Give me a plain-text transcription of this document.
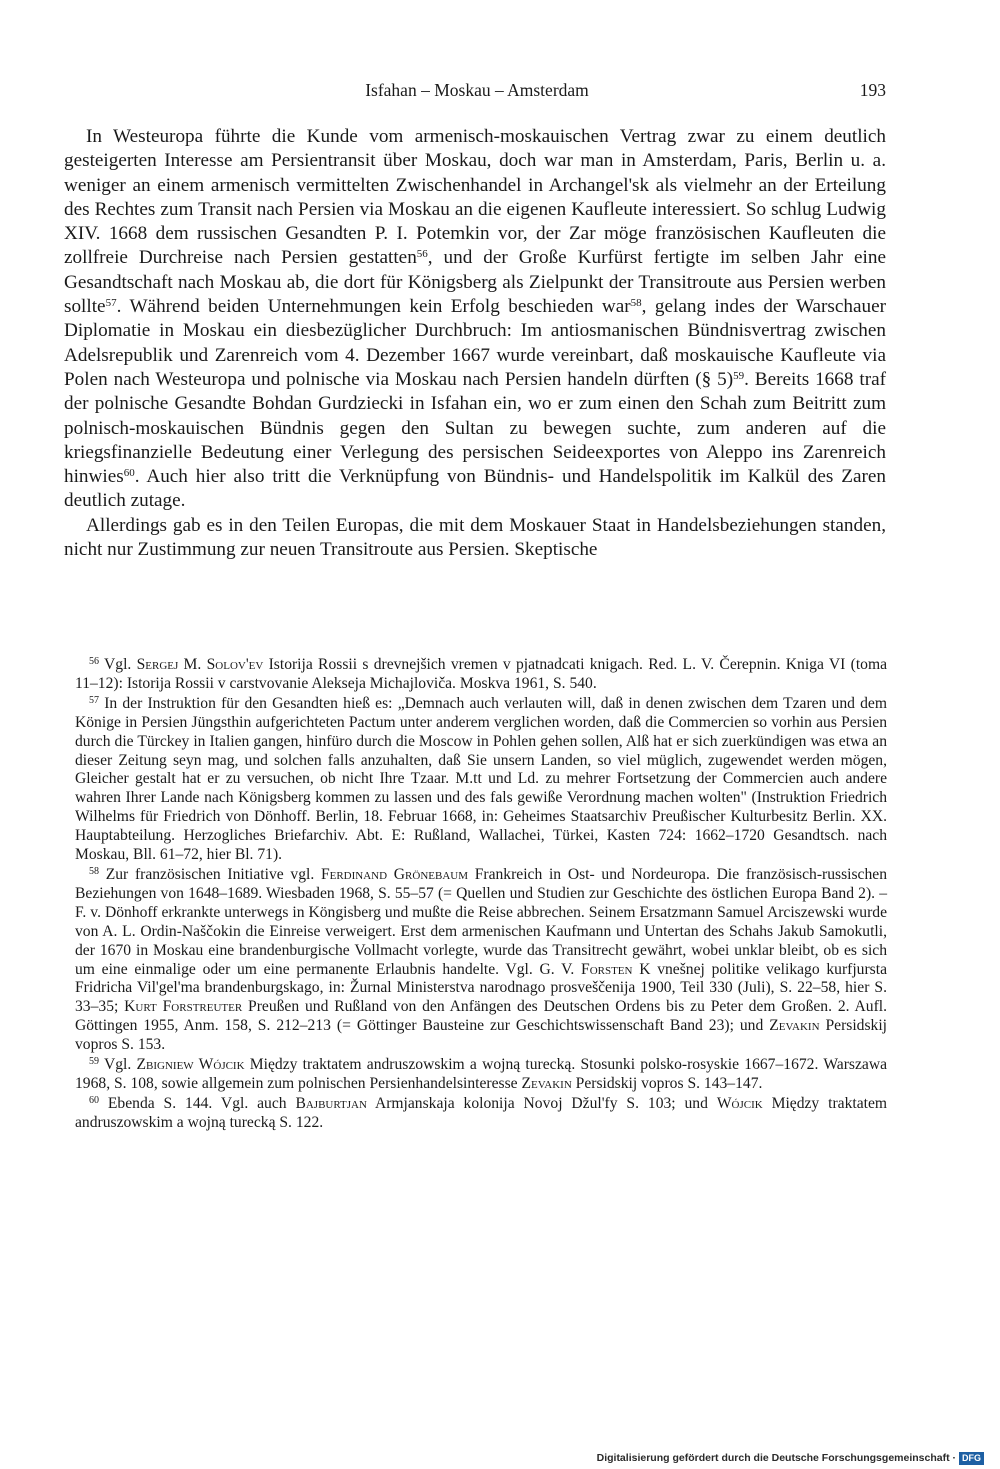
Isfahan – Moskau – Amsterdam	193

In Westeuropa führte die Kunde vom armenisch-moskauischen Vertrag zwar zu einem deutlich gesteigerten Interesse am Persientransit über Moskau, doch war man in Amsterdam, Paris, Berlin u. a. weniger an einem armenisch vermittelten Zwischenhandel in Archangel'sk als vielmehr an der Erteilung des Rechtes zum Transit nach Persien via Moskau an die eigenen Kaufleute interessiert. So schlug Ludwig XIV. 1668 dem russischen Gesandten P. I. Potemkin vor, der Zar möge französischen Kaufleuten die zollfreie Durchreise nach Persien gestatten$^{56}$, und der Große Kurfürst fertigte im selben Jahr eine Gesandtschaft nach Moskau ab, die dort für Königsberg als Zielpunkt der Transitroute aus Persien werben sollte$^{57}$. Während beiden Unternehmungen kein Erfolg beschieden war$^{58}$, gelang indes der Warschauer Diplomatie in Moskau ein diesbezüglicher Durchbruch: Im antiosmanischen Bündnisvertrag zwischen Adelsrepublik und Zarenreich vom 4. Dezember 1667 wurde vereinbart, daß moskauische Kaufleute via Polen nach Westeuropa und polnische via Moskau nach Persien handeln dürften (§ 5)$^{59}$. Bereits 1668 traf der polnische Gesandte Bohdan Gurdziecki in Isfahan ein, wo er zum einen den Schah zum Beitritt zum polnisch-moskauischen Bündnis gegen den Sultan zu bewegen suchte, zum anderen auf die kriegsfinanzielle Bedeutung einer Verlegung des persischen Seideexportes von Aleppo ins Zarenreich hinwies$^{60}$. Auch hier also tritt die Verknüpfung von Bündnis- und Handelspolitik im Kalkül des Zaren deutlich zutage.

Allerdings gab es in den Teilen Europas, die mit dem Moskauer Staat in Handelsbeziehungen standen, nicht nur Zustimmung zur neuen Transitroute aus Persien. Skeptische

$^{56}$ Vgl. Sergej M. Solov'ev Istorija Rossii s drevnejšich vremen v pjatnadcati knigach. Red. L. V. Čerepnin. Kniga VI (toma 11–12): Istorija Rossii v carstvovanie Alekseja Michajloviča. Moskva 1961, S. 540.

$^{57}$ In der Instruktion für den Gesandten hieß es: „Demnach auch verlauten will, daß in denen zwischen dem Tzaren und dem Könige in Persien Jüngsthin aufgerichteten Pactum unter anderem verglichen worden, daß die Commercien so vorhin aus Persien durch die Türckey in Italien gangen, hinfüro durch die Moscow in Pohlen gehen sollen, Alß hat er sich zuerkündigen was etwa an dieser Zeitung seyn mag, und solchen falls anzuhalten, daß Sie unsern Landen, so viel müglich, zugewendet werden mögen, Gleicher gestalt hat er zu versuchen, ob nicht Ihre Tzaar. M.tt und Ld. zu mehrer Fortsetzung der Commercien auch andere wahren Ihrer Lande nach Königsberg kommen zu lassen und des fals gewiße Verordnung machen wolten" (Instruktion Friedrich Wilhelms für Friedrich von Dönhoff. Berlin, 18. Februar 1668, in: Geheimes Staatsarchiv Preußischer Kulturbesitz Berlin. XX. Hauptabteilung. Herzogliches Briefarchiv. Abt. E: Rußland, Wallachei, Türkei, Kasten 724: 1662–1720 Gesandtsch. nach Moskau, Bll. 61–72, hier Bl. 71).

$^{58}$ Zur französischen Initiative vgl. Ferdinand Grönebaum Frankreich in Ost- und Nordeuropa. Die französisch-russischen Beziehungen von 1648–1689. Wiesbaden 1968, S. 55–57 (= Quellen und Studien zur Geschichte des östlichen Europa Band 2). – F. v. Dönhoff erkrankte unterwegs in Köngisberg und mußte die Reise abbrechen. Seinem Ersatzmann Samuel Arciszewski wurde von A. L. Ordin-Naščokin die Einreise verweigert. Erst dem armenischen Kaufmann und Untertan des Schahs Jakub Samokutli, der 1670 in Moskau eine brandenburgische Vollmacht vorlegte, wurde das Transitrecht gewährt, wobei unklar bleibt, ob es sich um eine einmalige oder um eine permanente Erlaubnis handelte. Vgl. G. V. Forsten K vnešnej politike velikago kurfjursta Fridricha Vil'gel'ma brandenburgskago, in: Žurnal Ministerstva narodnago prosveščenija 1900, Teil 330 (Juli), S. 22–58, hier S. 33–35; Kurt Forstreuter Preußen und Rußland von den Anfängen des Deutschen Ordens bis zu Peter dem Großen. 2. Aufl. Göttingen 1955, Anm. 158, S. 212–213 (= Göttinger Bausteine zur Geschichtswissenschaft Band 23); und Zevakin Persidskij vopros S. 153.

$^{59}$ Vgl. Zbigniew Wójcik Między traktatem andruszowskim a wojną turecką. Stosunki polsko-rosyskie 1667–1672. Warszawa 1968, S. 108, sowie allgemein zum polnischen Persienhandelsinteresse Zevakin Persidskij vopros S. 143–147.

$^{60}$ Ebenda S. 144. Vgl. auch Bajburtjan Armjanskaja kolonija Novoj Džul'fy S. 103; und Wójcik Między traktatem andruszowskim a wojną turecką S. 122.

Digitalisierung gefördert durch die Deutsche Forschungsgemeinschaft · DFG
